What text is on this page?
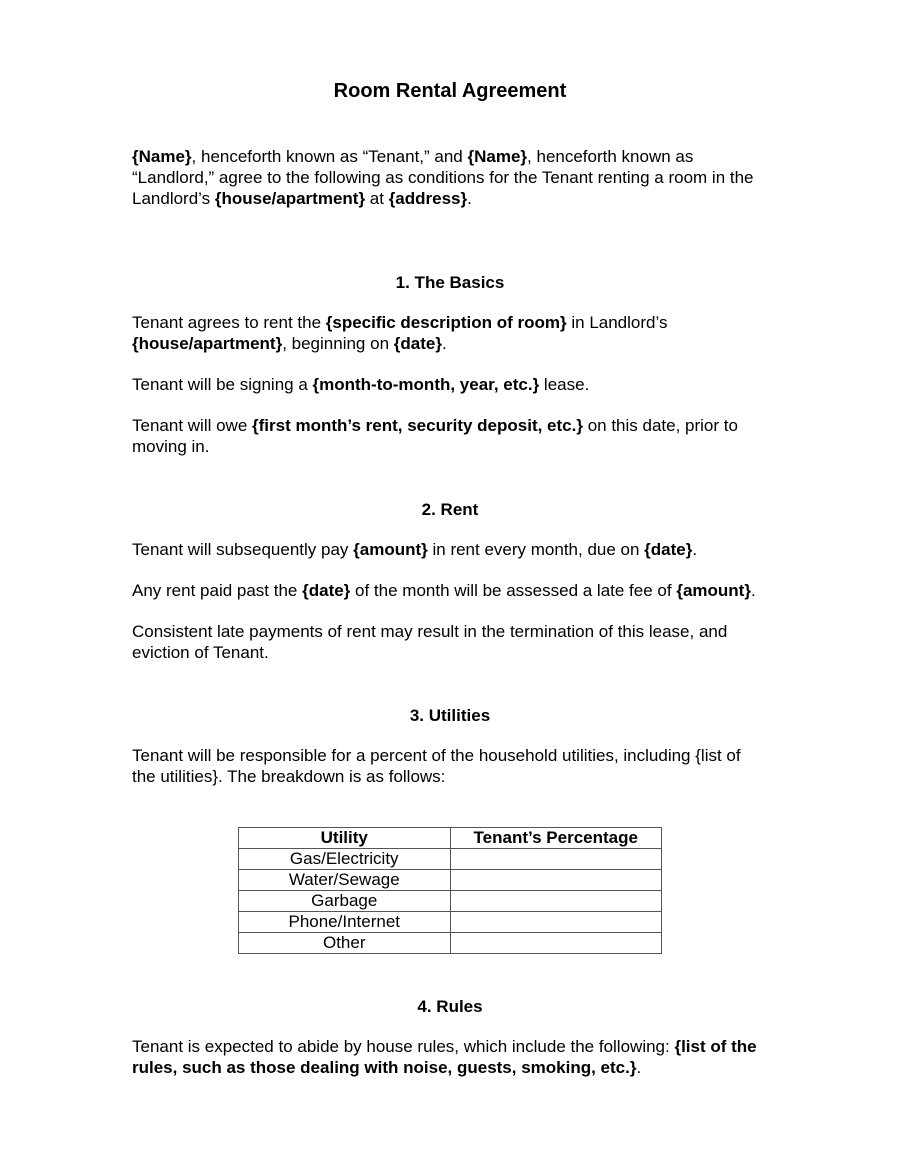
Room Rental Agreement

{Name}, henceforth known as “Tenant,” and {Name}, henceforth known as “Landlord,” agree to the following as conditions for the Tenant renting a room in the Landlord’s {house/apartment} at {address}.

1. The Basics

Tenant agrees to rent the {specific description of room} in Landlord’s {house/apartment}, beginning on {date}.

Tenant will be signing a {month-to-month, year, etc.} lease.

Tenant will owe {first month’s rent, security deposit, etc.} on this date, prior to moving in.

2. Rent

Tenant will subsequently pay {amount} in rent every month, due on {date}.

Any rent paid past the {date} of the month will be assessed a late fee of {amount}.

Consistent late payments of rent may result in the termination of this lease, and eviction of Tenant.

3. Utilities

Tenant will be responsible for a percent of the household utilities, including {list of the utilities}. The breakdown is as follows:

Utility	Tenant’s Percentage
Gas/Electricity	
Water/Sewage	
Garbage	
Phone/Internet	
Other	
4. Rules

Tenant is expected to abide by house rules, which include the following: {list of the rules, such as those dealing with noise, guests, smoking, etc.}.
